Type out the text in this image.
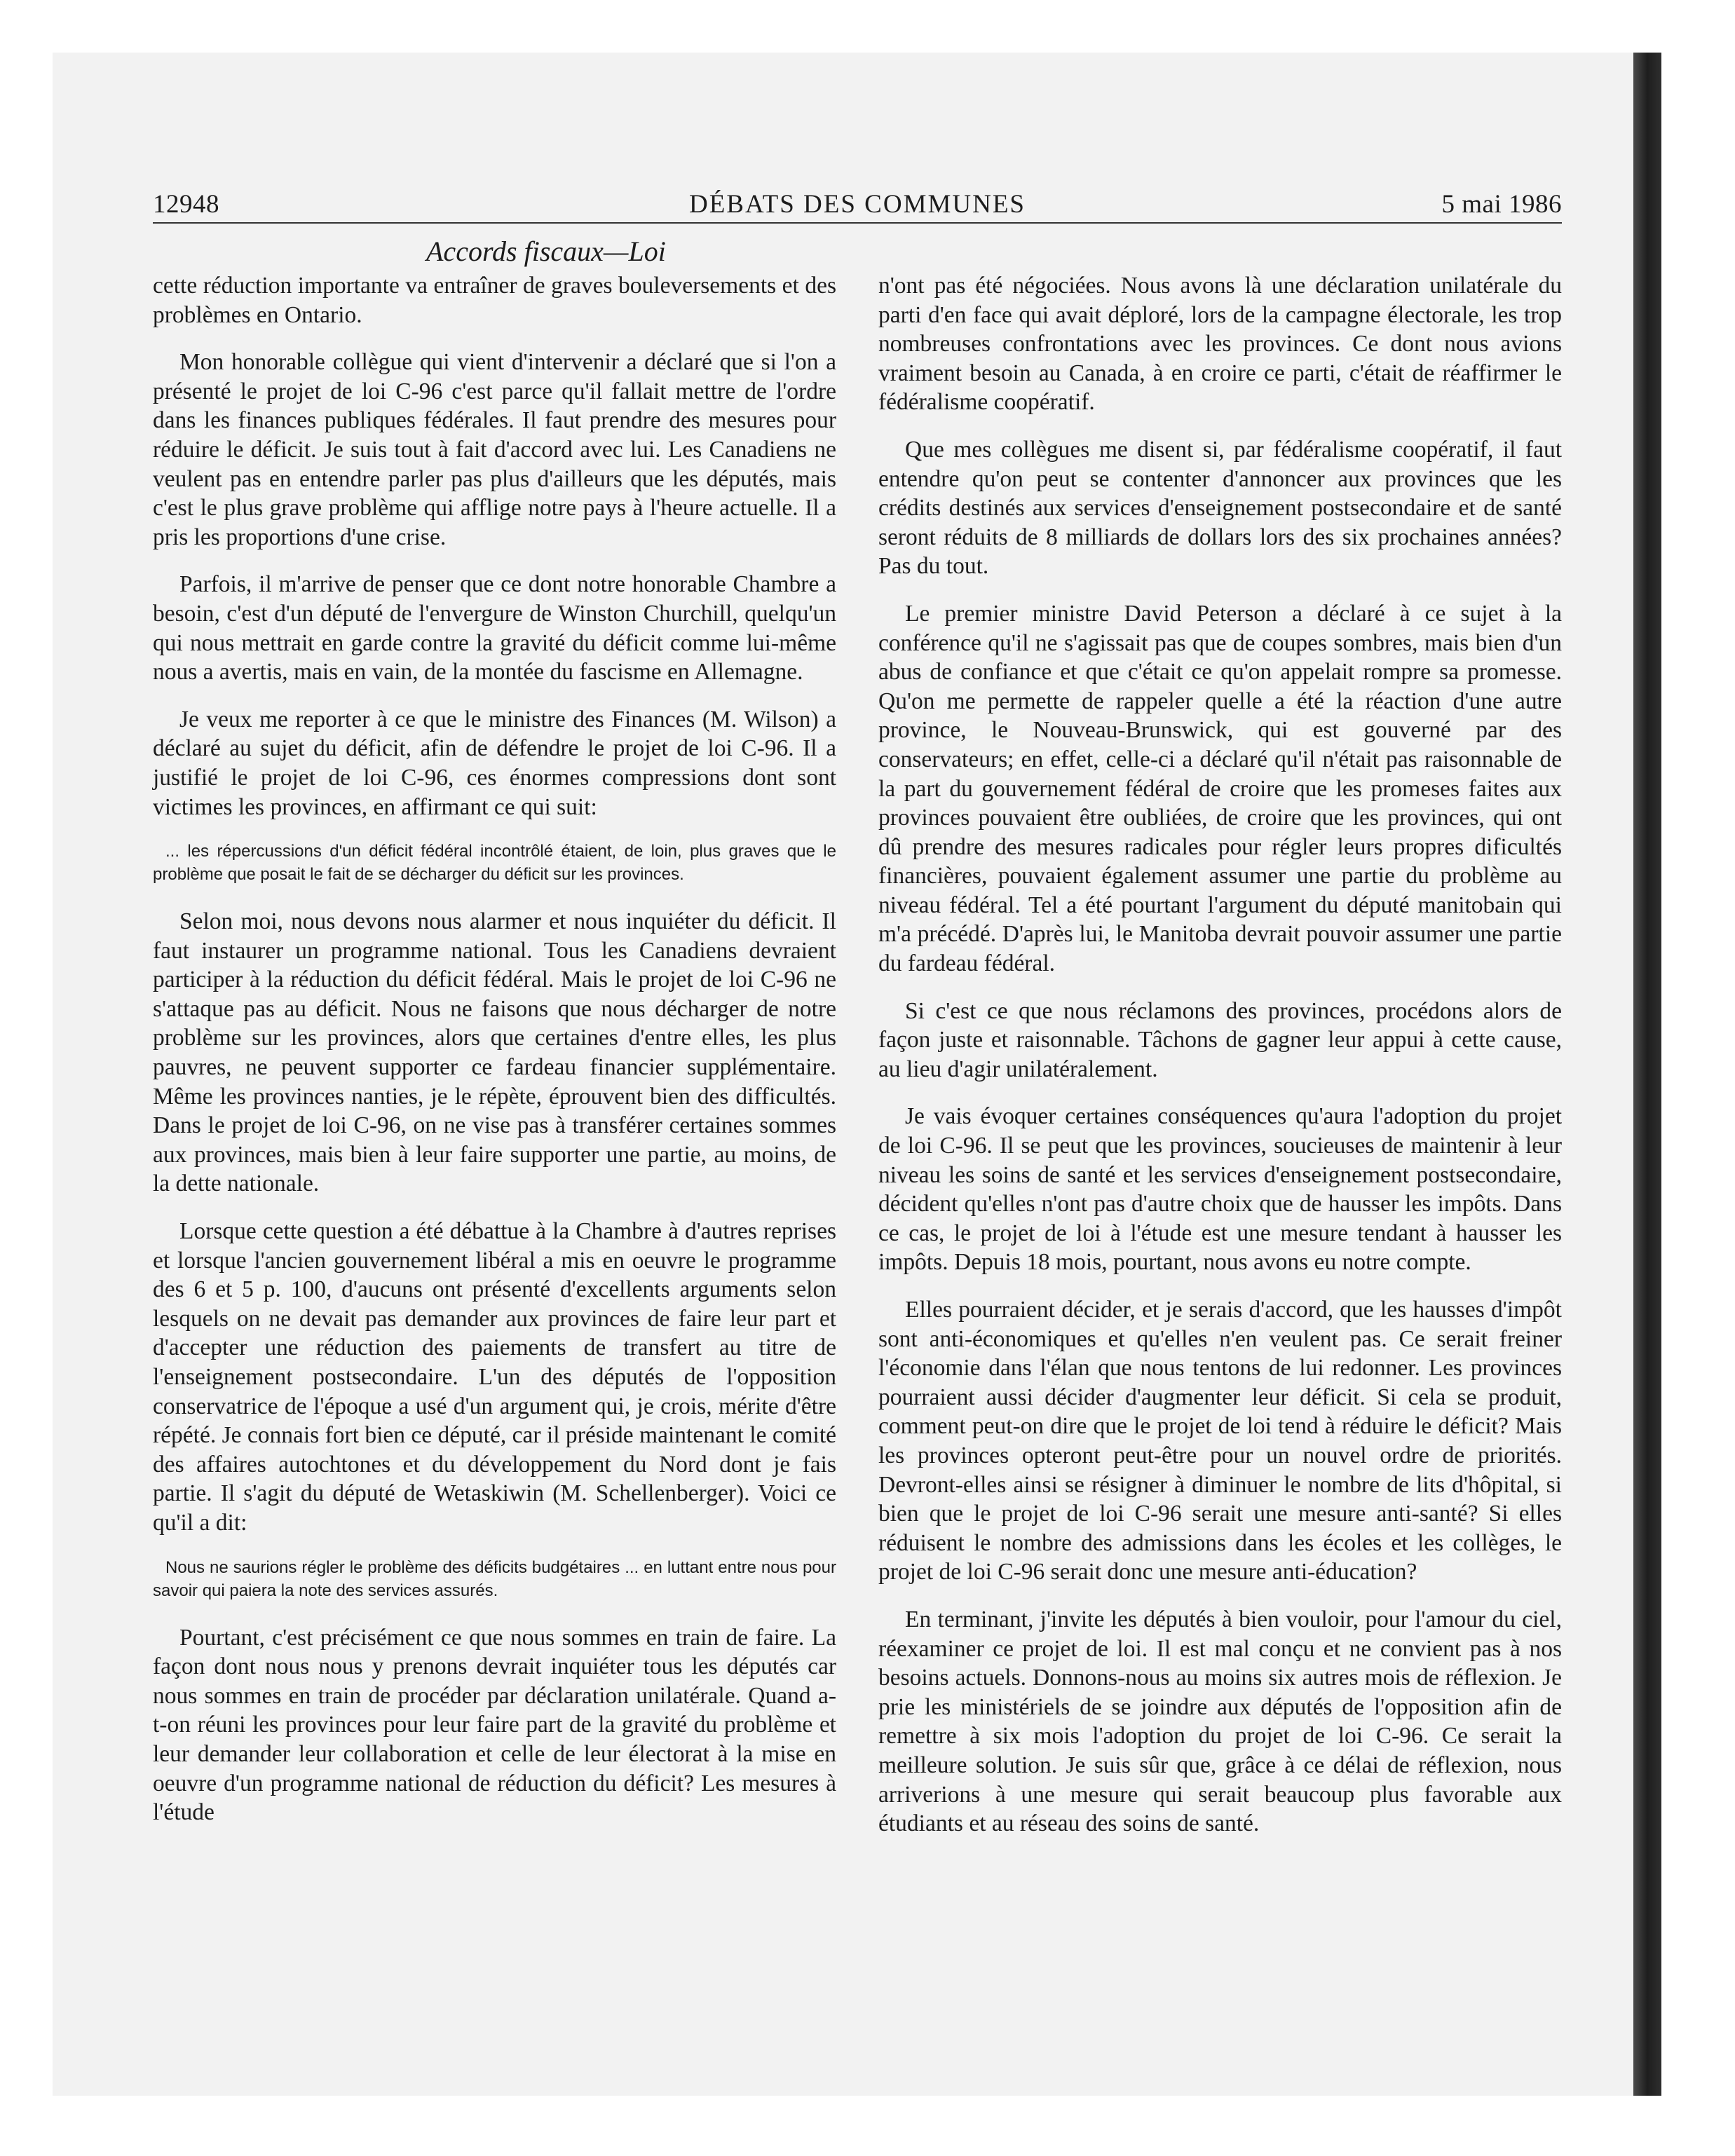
12948	DÉBATS DES COMMUNES	5 mai 1986
Accords fiscaux—Loi

cette réduction importante va entraîner de graves bouleversements et des problèmes en Ontario.

Mon honorable collègue qui vient d'intervenir a déclaré que si l'on a présenté le projet de loi C-96 c'est parce qu'il fallait mettre de l'ordre dans les finances publiques fédérales. Il faut prendre des mesures pour réduire le déficit. Je suis tout à fait d'accord avec lui. Les Canadiens ne veulent pas en entendre parler pas plus d'ailleurs que les députés, mais c'est le plus grave problème qui afflige notre pays à l'heure actuelle. Il a pris les proportions d'une crise.

Parfois, il m'arrive de penser que ce dont notre honorable Chambre a besoin, c'est d'un député de l'envergure de Winston Churchill, quelqu'un qui nous mettrait en garde contre la gravité du déficit comme lui-même nous a avertis, mais en vain, de la montée du fascisme en Allemagne.

Je veux me reporter à ce que le ministre des Finances (M. Wilson) a déclaré au sujet du déficit, afin de défendre le projet de loi C-96. Il a justifié le projet de loi C-96, ces énormes compressions dont sont victimes les provinces, en affirmant ce qui suit:

... les répercussions d'un déficit fédéral incontrôlé étaient, de loin, plus graves que le problème que posait le fait de se décharger du déficit sur les provinces.

Selon moi, nous devons nous alarmer et nous inquiéter du déficit. Il faut instaurer un programme national. Tous les Canadiens devraient participer à la réduction du déficit fédéral. Mais le projet de loi C-96 ne s'attaque pas au déficit. Nous ne faisons que nous décharger de notre problème sur les provinces, alors que certaines d'entre elles, les plus pauvres, ne peuvent supporter ce fardeau financier supplémentaire. Même les provinces nanties, je le répète, éprouvent bien des difficultés. Dans le projet de loi C-96, on ne vise pas à transférer certaines sommes aux provinces, mais bien à leur faire supporter une partie, au moins, de la dette nationale.

Lorsque cette question a été débattue à la Chambre à d'autres reprises et lorsque l'ancien gouvernement libéral a mis en oeuvre le programme des 6 et 5 p. 100, d'aucuns ont présenté d'excellents arguments selon lesquels on ne devait pas demander aux provinces de faire leur part et d'accepter une réduction des paiements de transfert au titre de l'enseignement postsecondaire. L'un des députés de l'opposition conservatrice de l'époque a usé d'un argument qui, je crois, mérite d'être répété. Je connais fort bien ce député, car il préside maintenant le comité des affaires autochtones et du développement du Nord dont je fais partie. Il s'agit du député de Wetaskiwin (M. Schellenberger). Voici ce qu'il a dit:

Nous ne saurions régler le problème des déficits budgétaires ... en luttant entre nous pour savoir qui paiera la note des services assurés.

Pourtant, c'est précisément ce que nous sommes en train de faire. La façon dont nous nous y prenons devrait inquiéter tous les députés car nous sommes en train de procéder par déclaration unilatérale. Quand a-t-on réuni les provinces pour leur faire part de la gravité du problème et leur demander leur collaboration et celle de leur électorat à la mise en oeuvre d'un programme national de réduction du déficit? Les mesures à l'étude

n'ont pas été négociées. Nous avons là une déclaration unilatérale du parti d'en face qui avait déploré, lors de la campagne électorale, les trop nombreuses confrontations avec les provinces. Ce dont nous avions vraiment besoin au Canada, à en croire ce parti, c'était de réaffirmer le fédéralisme coopératif.

Que mes collègues me disent si, par fédéralisme coopératif, il faut entendre qu'on peut se contenter d'annoncer aux provinces que les crédits destinés aux services d'enseignement postsecondaire et de santé seront réduits de 8 milliards de dollars lors des six prochaines années? Pas du tout.

Le premier ministre David Peterson a déclaré à ce sujet à la conférence qu'il ne s'agissait pas que de coupes sombres, mais bien d'un abus de confiance et que c'était ce qu'on appelait rompre sa promesse. Qu'on me permette de rappeler quelle a été la réaction d'une autre province, le Nouveau-Brunswick, qui est gouverné par des conservateurs; en effet, celle-ci a déclaré qu'il n'était pas raisonnable de la part du gouvernement fédéral de croire que les promeses faites aux provinces pouvaient être oubliées, de croire que les provinces, qui ont dû prendre des mesures radicales pour régler leurs propres dificultés financières, pouvaient également assumer une partie du problème au niveau fédéral. Tel a été pourtant l'argument du député manitobain qui m'a précédé. D'après lui, le Manitoba devrait pouvoir assumer une partie du fardeau fédéral.

Si c'est ce que nous réclamons des provinces, procédons alors de façon juste et raisonnable. Tâchons de gagner leur appui à cette cause, au lieu d'agir unilatéralement.

Je vais évoquer certaines conséquences qu'aura l'adoption du projet de loi C-96. Il se peut que les provinces, soucieuses de maintenir à leur niveau les soins de santé et les services d'enseignement postsecondaire, décident qu'elles n'ont pas d'autre choix que de hausser les impôts. Dans ce cas, le projet de loi à l'étude est une mesure tendant à hausser les impôts. Depuis 18 mois, pourtant, nous avons eu notre compte.

Elles pourraient décider, et je serais d'accord, que les hausses d'impôt sont anti-économiques et qu'elles n'en veulent pas. Ce serait freiner l'économie dans l'élan que nous tentons de lui redonner. Les provinces pourraient aussi décider d'augmenter leur déficit. Si cela se produit, comment peut-on dire que le projet de loi tend à réduire le déficit? Mais les provinces opteront peut-être pour un nouvel ordre de priorités. Devront-elles ainsi se résigner à diminuer le nombre de lits d'hôpital, si bien que le projet de loi C-96 serait une mesure anti-santé? Si elles réduisent le nombre des admissions dans les écoles et les collèges, le projet de loi C-96 serait donc une mesure anti-éducation?

En terminant, j'invite les députés à bien vouloir, pour l'amour du ciel, réexaminer ce projet de loi. Il est mal conçu et ne convient pas à nos besoins actuels. Donnons-nous au moins six autres mois de réflexion. Je prie les ministériels de se joindre aux députés de l'opposition afin de remettre à six mois l'adoption du projet de loi C-96. Ce serait la meilleure solution. Je suis sûr que, grâce à ce délai de réflexion, nous arriverions à une mesure qui serait beaucoup plus favorable aux étudiants et au réseau des soins de santé.
